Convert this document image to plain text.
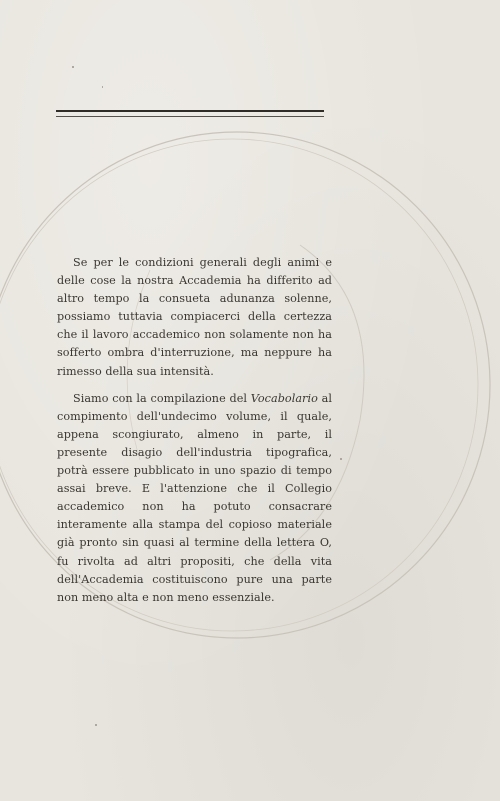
Se per le condizioni generali degli animi e delle cose la nostra Accademia ha differito ad altro tempo la consueta adunanza solenne, possiamo tuttavia compiacerci della certezza che il lavoro accademico non solamente non ha sofferto ombra d'interruzione, ma neppure ha rimesso della sua intensità.

Siamo con la compilazione del Vocabolario al compimento dell'undecimo volume, il quale, appena scongiurato, almeno in parte, il presente disagio dell'industria tipografica, potrà essere pubblicato in uno spazio di tempo assai breve. E l'attenzione che il Collegio accademico non ha potuto consacrare interamente alla stampa del copioso materiale già pronto sin quasi al termine della lettera O, fu rivolta ad altri propositi, che della vita dell'Accademia costituiscono pure una parte non meno alta e non meno essenziale.
